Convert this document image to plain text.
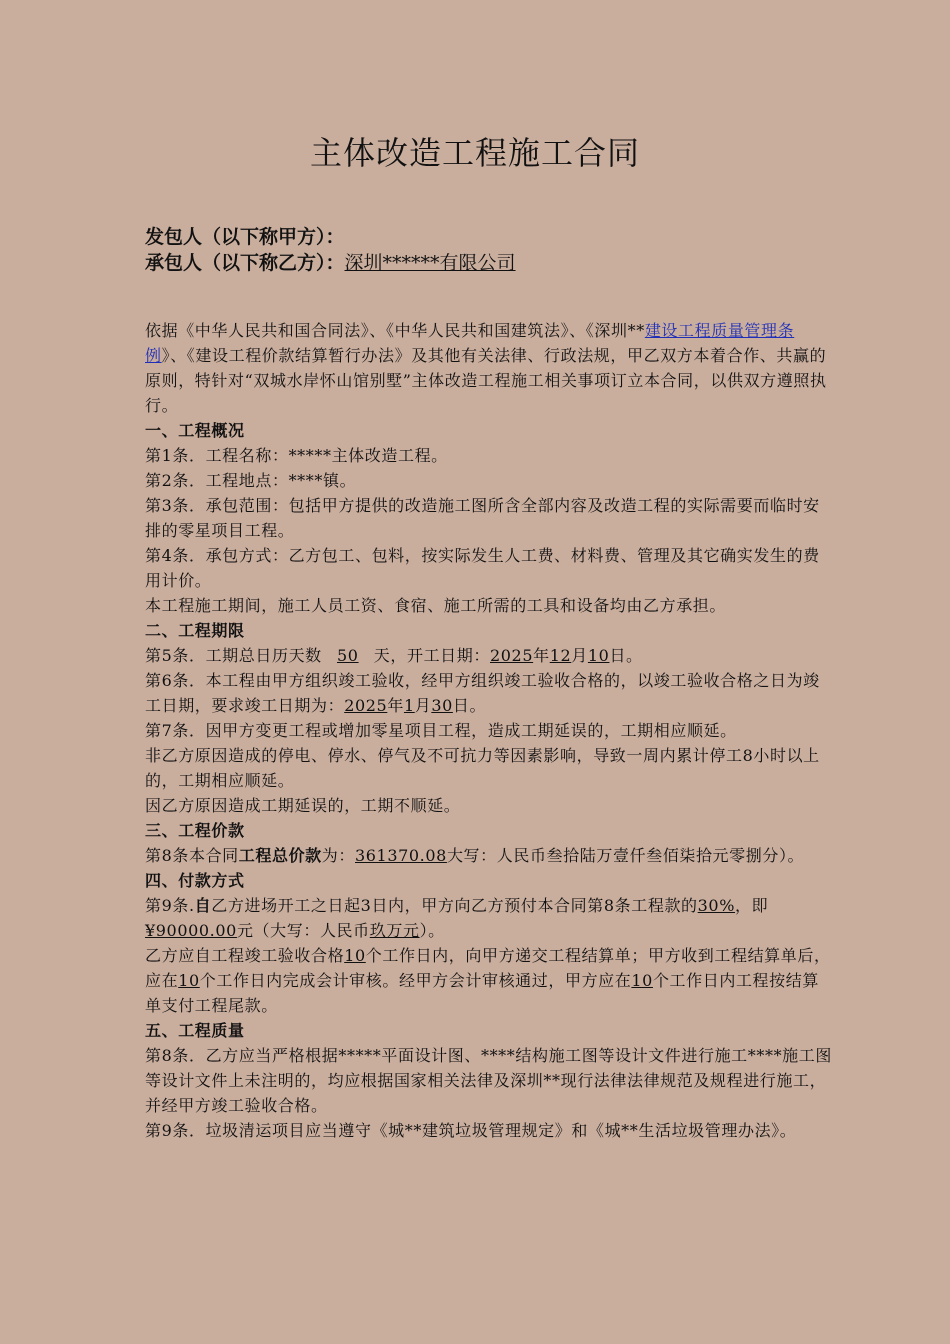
主体改造工程施工合同
发包人（以下称甲方）：
承包人（以下称乙方）：深圳******有限公司

依据《中华人民共和国合同法》、《中华人民共和国建筑法》、《深圳**建设工程质量管理条例》、《建设工程价款结算暂行办法》及其他有关法律、行政法规，甲乙双方本着合作、共赢的原则，特针对“双城水岸怀山馆别墅”主体改造工程施工相关事项订立本合同，以供双方遵照执行。

一、工程概况

第1条．工程名称：*****主体改造工程。

第2条．工程地点：****镇。

第3条．承包范围：包括甲方提供的改造施工图所含全部内容及改造工程的实际需要而临时安排的零星项目工程。

第4条．承包方式：乙方包工、包料，按实际发生人工费、材料费、管理及其它确实发生的费用计价。

本工程施工期间，施工人员工资、食宿、施工所需的工具和设备均由乙方承担。

二、工程期限

第5条．工期总日历天数 50 天，开工日期：2025年12月10日。

第6条．本工程由甲方组织竣工验收，经甲方组织竣工验收合格的，以竣工验收合格之日为竣工日期，要求竣工日期为：2025年1月30日。

第7条．因甲方变更工程或增加零星项目工程，造成工期延误的，工期相应顺延。

非乙方原因造成的停电、停水、停气及不可抗力等因素影响，导致一周内累计停工8小时以上的，工期相应顺延。

因乙方原因造成工期延误的，工期不顺延。

三、工程价款

第8条本合同工程总价款为：361370.08大写：人民币叁拾陆万壹仟叁佰柒拾元零捌分）。

四、付款方式

第9条.自乙方进场开工之日起3日内，甲方向乙方预付本合同第8条工程款的30%，即¥90000.00元（大写：人民币玖万元）。

乙方应自工程竣工验收合格10个工作日内，向甲方递交工程结算单；甲方收到工程结算单后，应在10个工作日内完成会计审核。经甲方会计审核通过，甲方应在10个工作日内工程按结算单支付工程尾款。

五、工程质量

第8条．乙方应当严格根据*****平面设计图、****结构施工图等设计文件进行施工****施工图等设计文件上未注明的，均应根据国家相关法律及深圳**现行法律法律规范及规程进行施工，并经甲方竣工验收合格。

第9条．垃圾清运项目应当遵守《城**建筑垃圾管理规定》和《城**生活垃圾管理办法》。
